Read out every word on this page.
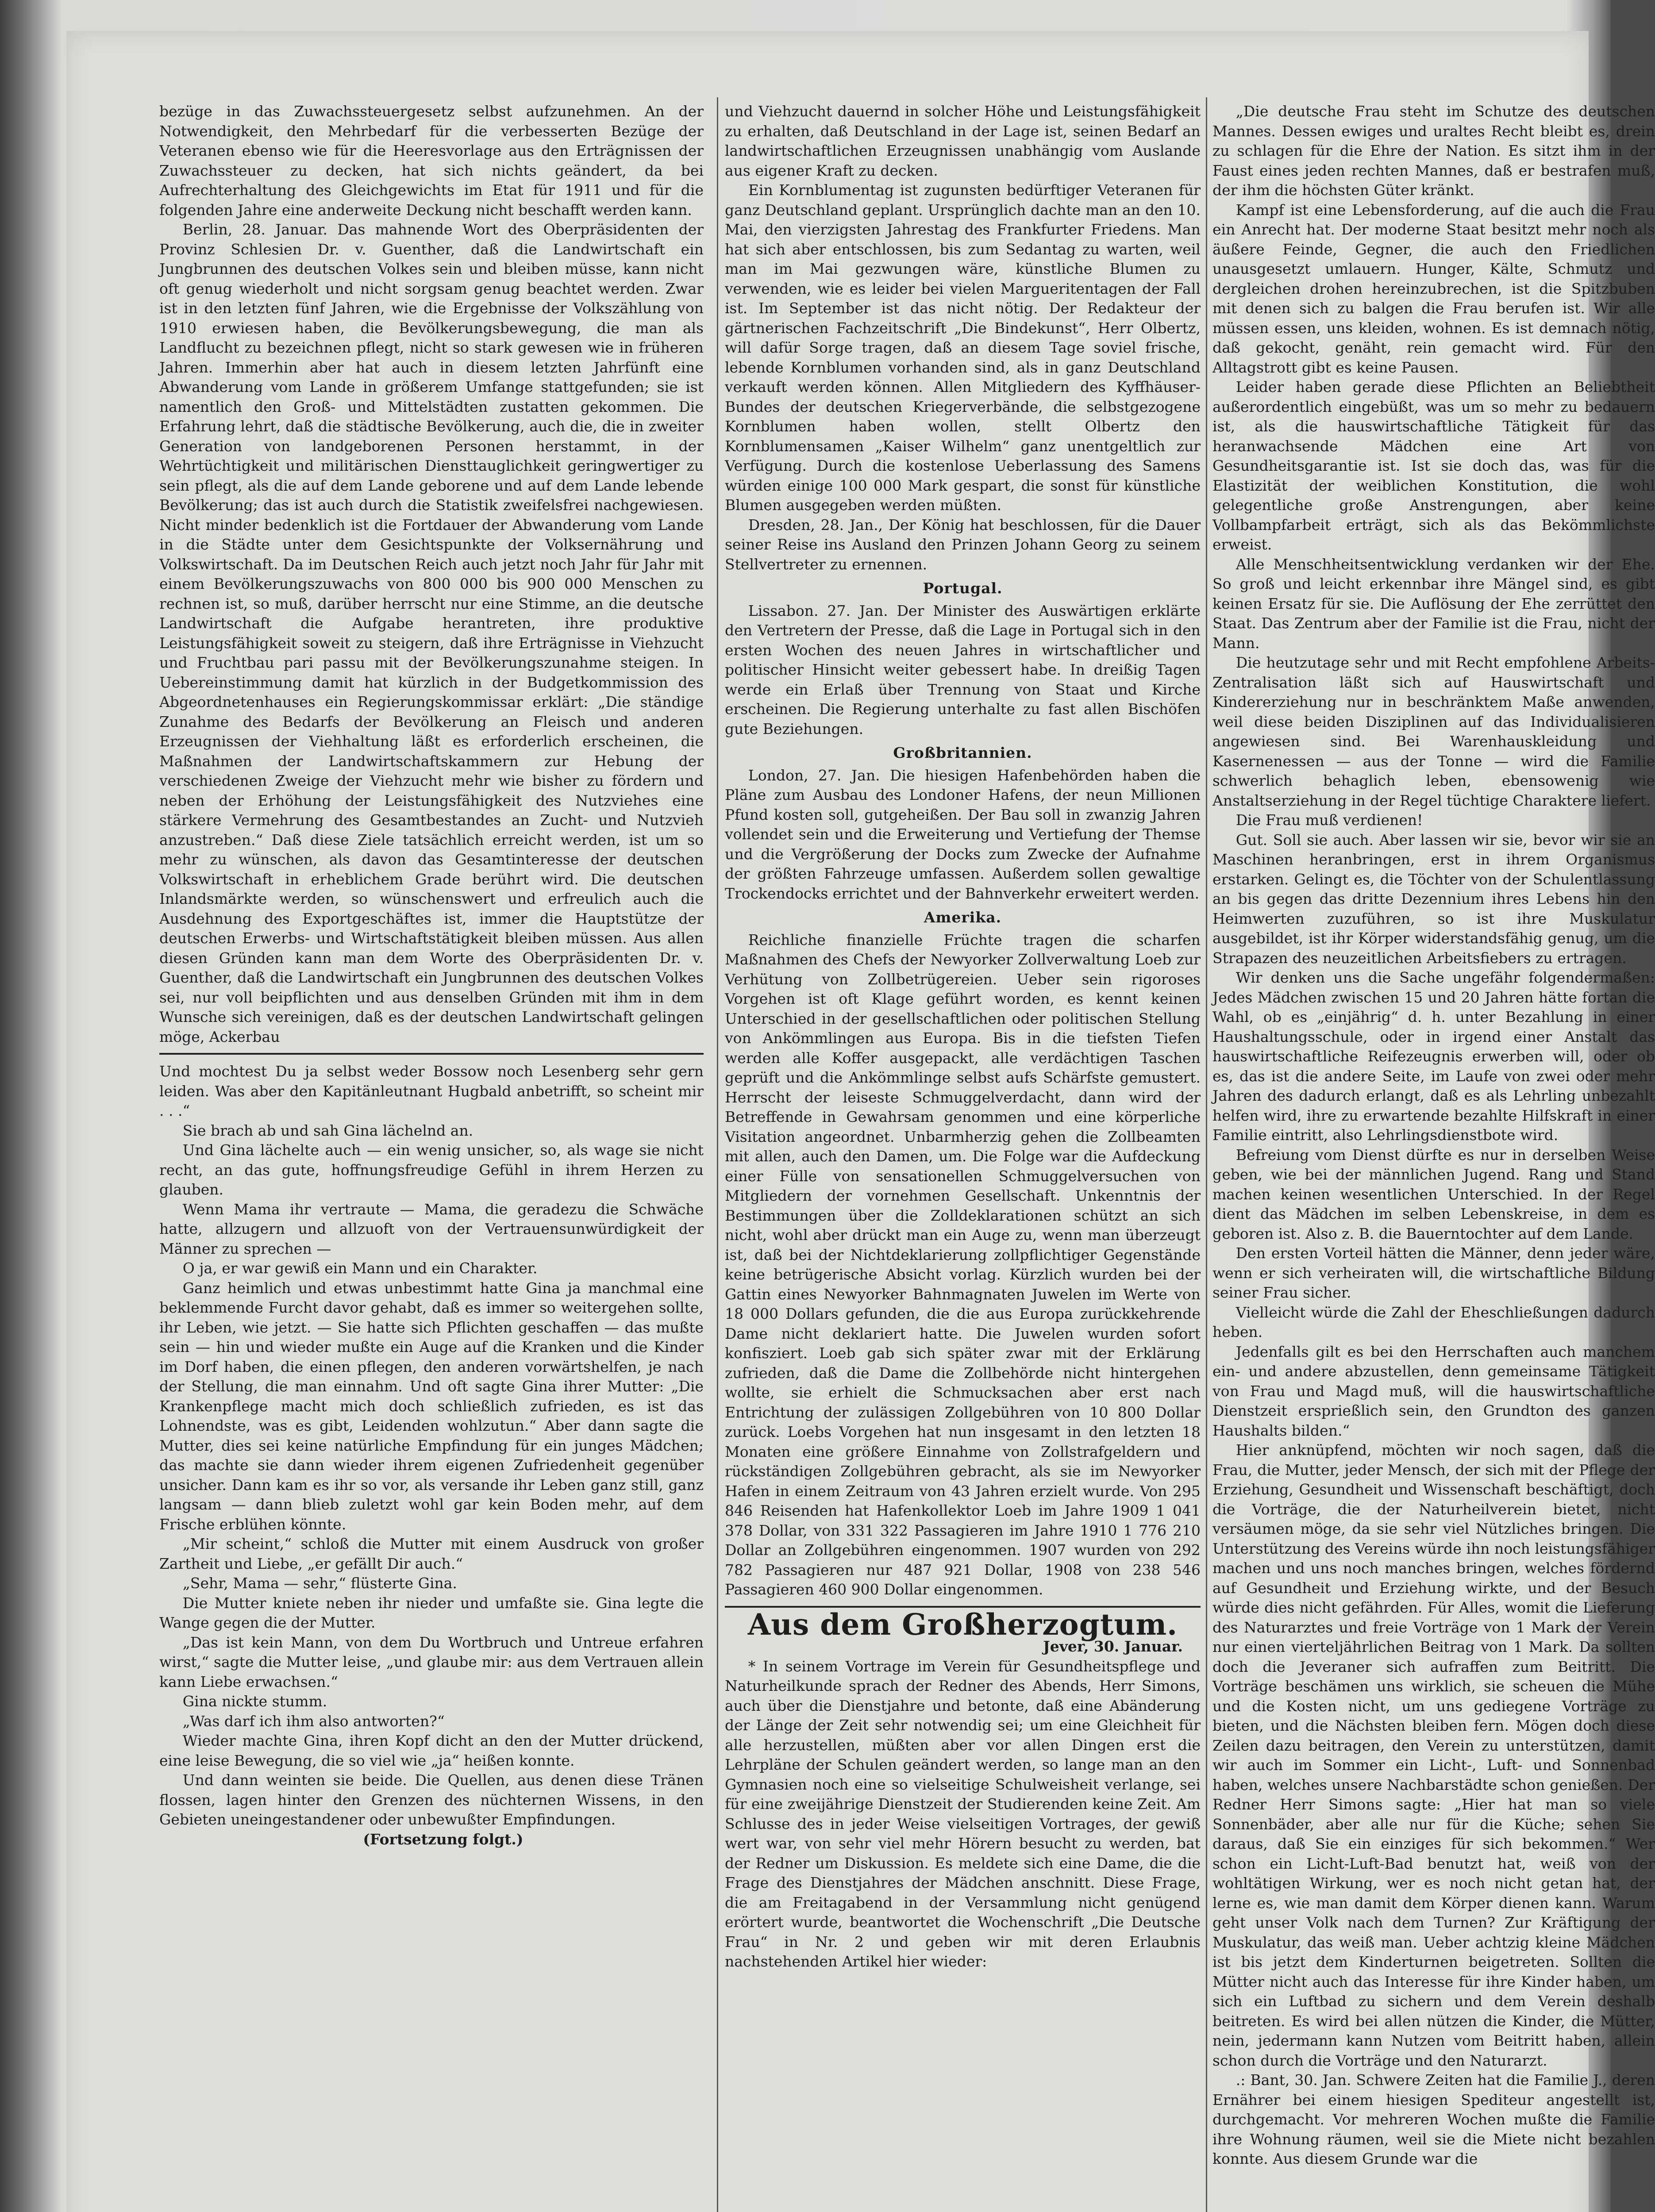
bezüge in das Zuwachssteuergesetz selbst aufzunehmen. An der Notwendigkeit, den Mehrbedarf für die verbesserten Bezüge der Veteranen ebenso wie für die Heeresvorlage aus den Erträgnissen der Zuwachssteuer zu decken, hat sich nichts geändert, da bei Aufrechterhaltung des Gleichgewichts im Etat für 1911 und für die folgenden Jahre eine anderweite Deckung nicht beschafft werden kann.

Berlin, 28. Januar. Das mahnende Wort des Oberpräsidenten der Provinz Schlesien Dr. v. Guenther, daß die Landwirtschaft ein Jungbrunnen des deutschen Volkes sein und bleiben müsse, kann nicht oft genug wiederholt und nicht sorgsam genug beachtet werden. Zwar ist in den letzten fünf Jahren, wie die Ergebnisse der Volkszählung von 1910 erwiesen haben, die Bevölkerungsbewegung, die man als Landflucht zu bezeichnen pflegt, nicht so stark gewesen wie in früheren Jahren. Immerhin aber hat auch in diesem letzten Jahrfünft eine Abwanderung vom Lande in größerem Umfange stattgefunden; sie ist namentlich den Groß- und Mittelstädten zustatten gekommen. Die Erfahrung lehrt, daß die städtische Bevölkerung, auch die, die in zweiter Generation von landgeborenen Personen herstammt, in der Wehrtüchtigkeit und militärischen Diensttauglichkeit geringwertiger zu sein pflegt, als die auf dem Lande geborene und auf dem Lande lebende Bevölkerung; das ist auch durch die Statistik zweifelsfrei nachgewiesen. Nicht minder bedenklich ist die Fortdauer der Abwanderung vom Lande in die Städte unter dem Gesichtspunkte der Volksernährung und Volkswirtschaft. Da im Deutschen Reich auch jetzt noch Jahr für Jahr mit einem Bevölkerungszuwachs von 800 000 bis 900 000 Menschen zu rechnen ist, so muß, darüber herrscht nur eine Stimme, an die deutsche Landwirtschaft die Aufgabe herantreten, ihre produktive Leistungsfähigkeit soweit zu steigern, daß ihre Erträgnisse in Viehzucht und Fruchtbau pari passu mit der Bevölkerungszunahme steigen. In Uebereinstimmung damit hat kürzlich in der Budgetkommission des Abgeordnetenhauses ein Regierungskommissar erklärt: „Die ständige Zunahme des Bedarfs der Bevölkerung an Fleisch und anderen Erzeugnissen der Viehhaltung läßt es erforderlich erscheinen, die Maßnahmen der Landwirtschaftskammern zur Hebung der verschiedenen Zweige der Viehzucht mehr wie bisher zu fördern und neben der Erhöhung der Leistungsfähigkeit des Nutzviehes eine stärkere Vermehrung des Gesamtbestandes an Zucht- und Nutzvieh anzustreben.“ Daß diese Ziele tatsächlich erreicht werden, ist um so mehr zu wünschen, als davon das Gesamtinteresse der deutschen Volkswirtschaft in erheblichem Grade berührt wird. Die deutschen Inlandsmärkte werden, so wünschenswert und erfreulich auch die Ausdehnung des Exportgeschäftes ist, immer die Hauptstütze der deutschen Erwerbs- und Wirtschaftstätigkeit bleiben müssen. Aus allen diesen Gründen kann man dem Worte des Oberpräsidenten Dr. v. Guenther, daß die Landwirtschaft ein Jungbrunnen des deutschen Volkes sei, nur voll beipflichten und aus denselben Gründen mit ihm in dem Wunsche sich vereinigen, daß es der deutschen Landwirtschaft gelingen möge, Ackerbau

Und mochtest Du ja selbst weder Bossow noch Lesenberg sehr gern leiden. Was aber den Kapitänleutnant Hugbald anbetrifft, so scheint mir . . .“

Sie brach ab und sah Gina lächelnd an.

Und Gina lächelte auch — ein wenig unsicher, so, als wage sie nicht recht, an das gute, hoffnungsfreudige Gefühl in ihrem Herzen zu glauben.

Wenn Mama ihr vertraute — Mama, die geradezu die Schwäche hatte, allzugern und allzuoft von der Vertrauensunwürdigkeit der Männer zu sprechen —

O ja, er war gewiß ein Mann und ein Charakter.

Ganz heimlich und etwas unbestimmt hatte Gina ja manchmal eine beklemmende Furcht davor gehabt, daß es immer so weitergehen sollte, ihr Leben, wie jetzt. — Sie hatte sich Pflichten geschaffen — das mußte sein — hin und wieder mußte ein Auge auf die Kranken und die Kinder im Dorf haben, die einen pflegen, den anderen vorwärtshelfen, je nach der Stellung, die man einnahm. Und oft sagte Gina ihrer Mutter: „Die Krankenpflege macht mich doch schließlich zufrieden, es ist das Lohnendste, was es gibt, Leidenden wohlzutun.“ Aber dann sagte die Mutter, dies sei keine natürliche Empfindung für ein junges Mädchen; das machte sie dann wieder ihrem eigenen Zufriedenheit gegenüber unsicher. Dann kam es ihr so vor, als versande ihr Leben ganz still, ganz langsam — dann blieb zuletzt wohl gar kein Boden mehr, auf dem Frische erblühen könnte.

„Mir scheint,“ schloß die Mutter mit einem Ausdruck von großer Zartheit und Liebe, „er gefällt Dir auch.“

„Sehr, Mama — sehr,“ flüsterte Gina.

Die Mutter kniete neben ihr nieder und umfaßte sie. Gina legte die Wange gegen die der Mutter.

„Das ist kein Mann, von dem Du Wortbruch und Untreue erfahren wirst,“ sagte die Mutter leise, „und glaube mir: aus dem Vertrauen allein kann Liebe erwachsen.“

Gina nickte stumm.

„Was darf ich ihm also antworten?“

Wieder machte Gina, ihren Kopf dicht an den der Mutter drückend, eine leise Bewegung, die so viel wie „ja“ heißen konnte.

Und dann weinten sie beide. Die Quellen, aus denen diese Tränen flossen, lagen hinter den Grenzen des nüchternen Wissens, in den Gebieten uneingestandener oder unbewußter Empfindungen.

(Fortsetzung folgt.)

und Viehzucht dauernd in solcher Höhe und Leistungsfähigkeit zu erhalten, daß Deutschland in der Lage ist, seinen Bedarf an landwirtschaftlichen Erzeugnissen unabhängig vom Auslande aus eigener Kraft zu decken.

Ein Kornblumentag ist zugunsten bedürftiger Veteranen für ganz Deutschland geplant. Ursprünglich dachte man an den 10. Mai, den vierzigsten Jahrestag des Frankfurter Friedens. Man hat sich aber entschlossen, bis zum Sedantag zu warten, weil man im Mai gezwungen wäre, künstliche Blumen zu verwenden, wie es leider bei vielen Margueritentagen der Fall ist. Im September ist das nicht nötig. Der Redakteur der gärtnerischen Fachzeitschrift „Die Bindekunst“, Herr Olbertz, will dafür Sorge tragen, daß an diesem Tage soviel frische, lebende Kornblumen vorhanden sind, als in ganz Deutschland verkauft werden können. Allen Mitgliedern des Kyffhäuser-Bundes der deutschen Kriegerverbände, die selbstgezogene Kornblumen haben wollen, stellt Olbertz den Kornblumensamen „Kaiser Wilhelm“ ganz unentgeltlich zur Verfügung. Durch die kostenlose Ueberlassung des Samens würden einige 100 000 Mark gespart, die sonst für künstliche Blumen ausgegeben werden müßten.

Dresden, 28. Jan., Der König hat beschlossen, für die Dauer seiner Reise ins Ausland den Prinzen Johann Georg zu seinem Stellvertreter zu ernennen.

Portugal.

Lissabon. 27. Jan. Der Minister des Auswärtigen erklärte den Vertretern der Presse, daß die Lage in Portugal sich in den ersten Wochen des neuen Jahres in wirtschaftlicher und politischer Hinsicht weiter gebessert habe. In dreißig Tagen werde ein Erlaß über Trennung von Staat und Kirche erscheinen. Die Regierung unterhalte zu fast allen Bischöfen gute Beziehungen.

Großbritannien.

London, 27. Jan. Die hiesigen Hafenbehörden haben die Pläne zum Ausbau des Londoner Hafens, der neun Millionen Pfund kosten soll, gutgeheißen. Der Bau soll in zwanzig Jahren vollendet sein und die Erweiterung und Vertiefung der Themse und die Vergrößerung der Docks zum Zwecke der Aufnahme der größten Fahrzeuge umfassen. Außerdem sollen gewaltige Trockendocks errichtet und der Bahnverkehr erweitert werden.

Amerika.

Reichliche finanzielle Früchte tragen die scharfen Maßnahmen des Chefs der Newyorker Zollverwaltung Loeb zur Verhütung von Zollbetrügereien. Ueber sein rigoroses Vorgehen ist oft Klage geführt worden, es kennt keinen Unterschied in der gesellschaftlichen oder politischen Stellung von Ankömmlingen aus Europa. Bis in die tiefsten Tiefen werden alle Koffer ausgepackt, alle verdächtigen Taschen geprüft und die Ankömmlinge selbst aufs Schärfste gemustert. Herrscht der leiseste Schmuggelverdacht, dann wird der Betreffende in Gewahrsam genommen und eine körperliche Visitation angeordnet. Unbarmherzig gehen die Zollbeamten mit allen, auch den Damen, um. Die Folge war die Aufdeckung einer Fülle von sensationellen Schmuggelversuchen von Mitgliedern der vornehmen Gesellschaft. Unkenntnis der Bestimmungen über die Zolldeklarationen schützt an sich nicht, wohl aber drückt man ein Auge zu, wenn man überzeugt ist, daß bei der Nichtdeklarierung zollpflichtiger Gegenstände keine betrügerische Absicht vorlag. Kürzlich wurden bei der Gattin eines Newyorker Bahnmagnaten Juwelen im Werte von 18 000 Dollars gefunden, die die aus Europa zurückkehrende Dame nicht deklariert hatte. Die Juwelen wurden sofort konfisziert. Loeb gab sich später zwar mit der Erklärung zufrieden, daß die Dame die Zollbehörde nicht hintergehen wollte, sie erhielt die Schmucksachen aber erst nach Entrichtung der zulässigen Zollgebühren von 10 800 Dollar zurück. Loebs Vorgehen hat nun insgesamt in den letzten 18 Monaten eine größere Einnahme von Zollstrafgeldern und rückständigen Zollgebühren gebracht, als sie im Newyorker Hafen in einem Zeitraum von 43 Jahren erzielt wurde. Von 295 846 Reisenden hat Hafenkollektor Loeb im Jahre 1909 1 041 378 Dollar, von 331 322 Passagieren im Jahre 1910 1 776 210 Dollar an Zollgebühren eingenommen. 1907 wurden von 292 782 Passagieren nur 487 921 Dollar, 1908 von 238 546 Passagieren 460 900 Dollar eingenommen.

Aus dem Großherzogtum.
Jever, 30. Januar.

* In seinem Vortrage im Verein für Gesundheitspflege und Naturheilkunde sprach der Redner des Abends, Herr Simons, auch über die Dienstjahre und betonte, daß eine Abänderung der Länge der Zeit sehr notwendig sei; um eine Gleichheit für alle herzustellen, müßten aber vor allen Dingen erst die Lehrpläne der Schulen geändert werden, so lange man an den Gymnasien noch eine so vielseitige Schulweisheit verlange, sei für eine zweijährige Dienstzeit der Studierenden keine Zeit. Am Schlusse des in jeder Weise vielseitigen Vortrages, der gewiß wert war, von sehr viel mehr Hörern besucht zu werden, bat der Redner um Diskussion. Es meldete sich eine Dame, die die Frage des Dienstjahres der Mädchen anschnitt. Diese Frage, die am Freitagabend in der Versammlung nicht genügend erörtert wurde, beantwortet die Wochenschrift „Die Deutsche Frau“ in Nr. 2 und geben wir mit deren Erlaubnis nachstehenden Artikel hier wieder:

„Die deutsche Frau steht im Schutze des deutschen Mannes. Dessen ewiges und uraltes Recht bleibt es, drein zu schlagen für die Ehre der Nation. Es sitzt ihm in der Faust eines jeden rechten Mannes, daß er bestrafen muß, der ihm die höchsten Güter kränkt.

Kampf ist eine Lebensforderung, auf die auch die Frau ein Anrecht hat. Der moderne Staat besitzt mehr noch als äußere Feinde, Gegner, die auch den Friedlichen unausgesetzt umlauern. Hunger, Kälte, Schmutz und dergleichen drohen hereinzubrechen, ist die Spitzbuben mit denen sich zu balgen die Frau berufen ist. Wir alle müssen essen, uns kleiden, wohnen. Es ist demnach nötig, daß gekocht, genäht, rein gemacht wird. Für den Alltagstrott gibt es keine Pausen.

Leider haben gerade diese Pflichten an Beliebtheit außerordentlich eingebüßt, was um so mehr zu bedauern ist, als die hauswirtschaftliche Tätigkeit für das heranwachsende Mädchen eine Art von Gesundheitsgarantie ist. Ist sie doch das, was für die Elastizität der weiblichen Konstitution, die wohl gelegentliche große Anstrengungen, aber keine Vollbampfarbeit erträgt, sich als das Bekömmlichste erweist.

Alle Menschheitsentwicklung verdanken wir der Ehe. So groß und leicht erkennbar ihre Mängel sind, es gibt keinen Ersatz für sie. Die Auflösung der Ehe zerrüttet den Staat. Das Zentrum aber der Familie ist die Frau, nicht der Mann.

Die heutzutage sehr und mit Recht empfohlene Arbeits-Zentralisation läßt sich auf Hauswirtschaft und Kindererziehung nur in beschränktem Maße anwenden, weil diese beiden Disziplinen auf das Individualisieren angewiesen sind. Bei Warenhauskleidung und Kasernenessen — aus der Tonne — wird die Familie schwerlich behaglich leben, ebensowenig wie Anstaltserziehung in der Regel tüchtige Charaktere liefert.

Die Frau muß verdienen!

Gut. Soll sie auch. Aber lassen wir sie, bevor wir sie an Maschinen heranbringen, erst in ihrem Organismus erstarken. Gelingt es, die Töchter von der Schulentlassung an bis gegen das dritte Dezennium ihres Lebens hin den Heimwerten zuzuführen, so ist ihre Muskulatur ausgebildet, ist ihr Körper widerstandsfähig genug, um die Strapazen des neuzeitlichen Arbeitsfiebers zu ertragen.

Wir denken uns die Sache ungefähr folgendermaßen: Jedes Mädchen zwischen 15 und 20 Jahren hätte fortan die Wahl, ob es „einjährig“ d. h. unter Bezahlung in einer Haushaltungsschule, oder in irgend einer Anstalt das hauswirtschaftliche Reifezeugnis erwerben will, oder ob es, das ist die andere Seite, im Laufe von zwei oder mehr Jahren des dadurch erlangt, daß es als Lehrling unbezahlt helfen wird, ihre zu erwartende bezahlte Hilfskraft in einer Familie eintritt, also Lehrlingsdienstbote wird.

Befreiung vom Dienst dürfte es nur in derselben Weise geben, wie bei der männlichen Jugend. Rang und Stand machen keinen wesentlichen Unterschied. In der Regel dient das Mädchen im selben Lebenskreise, in dem es geboren ist. Also z. B. die Bauerntochter auf dem Lande.

Den ersten Vorteil hätten die Männer, denn jeder wäre, wenn er sich verheiraten will, die wirtschaftliche Bildung seiner Frau sicher.

Vielleicht würde die Zahl der Eheschließungen dadurch heben.

Jedenfalls gilt es bei den Herrschaften auch manchem ein- und andere abzustellen, denn gemeinsame Tätigkeit von Frau und Magd muß, will die hauswirtschaftliche Dienstzeit ersprießlich sein, den Grundton des ganzen Haushalts bilden.“

Hier anknüpfend, möchten wir noch sagen, daß die Frau, die Mutter, jeder Mensch, der sich mit der Pflege der Erziehung, Gesundheit und Wissenschaft beschäftigt, doch die Vorträge, die der Naturheilverein bietet, nicht versäumen möge, da sie sehr viel Nützliches bringen. Die Unterstützung des Vereins würde ihn noch leistungsfähiger machen und uns noch manches bringen, welches fördernd auf Gesundheit und Erziehung wirkte, und der Besuch würde dies nicht gefährden. Für Alles, womit die Lieferung des Naturarztes und freie Vorträge von 1 Mark der Verein nur einen vierteljährlichen Beitrag von 1 Mark. Da sollten doch die Jeveraner sich aufraffen zum Beitritt. Die Vorträge beschämen uns wirklich, sie scheuen die Mühe und die Kosten nicht, um uns gediegene Vorträge zu bieten, und die Nächsten bleiben fern. Mögen doch diese Zeilen dazu beitragen, den Verein zu unterstützen, damit wir auch im Sommer ein Licht-, Luft- und Sonnenbad haben, welches unsere Nachbarstädte schon genießen. Der Redner Herr Simons sagte: „Hier hat man so viele Sonnenbäder, aber alle nur für die Küche; sehen Sie daraus, daß Sie ein einziges für sich bekommen.“ Wer schon ein Licht-Luft-Bad benutzt hat, weiß von der wohltätigen Wirkung, wer es noch nicht getan hat, der lerne es, wie man damit dem Körper dienen kann. Warum geht unser Volk nach dem Turnen? Zur Kräftigung der Muskulatur, das weiß man. Ueber achtzig kleine Mädchen ist bis jetzt dem Kinderturnen beigetreten. Sollten die Mütter nicht auch das Interesse für ihre Kinder haben, um sich ein Luftbad zu sichern und dem Verein deshalb beitreten. Es wird bei allen nützen die Kinder, die Mütter, nein, jedermann kann Nutzen vom Beitritt haben, allein schon durch die Vorträge und den Naturarzt.

.: Bant, 30. Jan. Schwere Zeiten hat die Familie J., deren Ernährer bei einem hiesigen Spediteur angestellt ist, durchgemacht. Vor mehreren Wochen mußte die Familie ihre Wohnung räumen, weil sie die Miete nicht bezahlen konnte. Aus diesem Grunde war die
